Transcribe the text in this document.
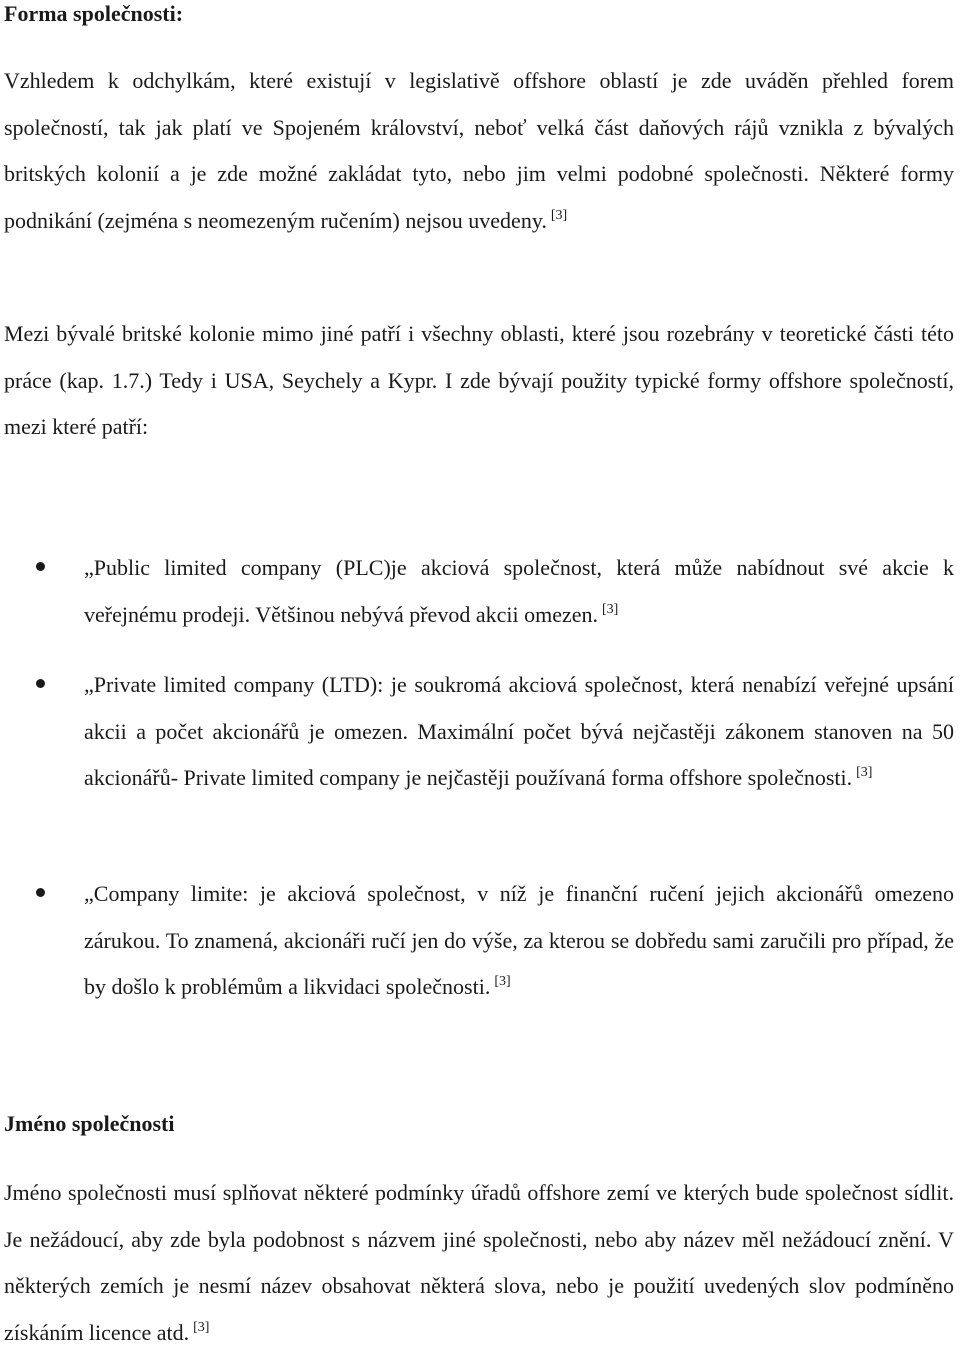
Forma společnosti:

Vzhledem k odchylkám, které existují v legislativě offshore oblastí je zde uváděn přehled forem společností, tak jak platí ve Spojeném království, neboť velká část daňových rájů vznikla z bývalých britských kolonií a je zde možné zakládat tyto, nebo jim velmi podobné společnosti. Některé formy podnikání (zejména s neomezeným ručením) nejsou uvedeny. [3]

Mezi bývalé britské kolonie mimo jiné patří i všechny oblasti, které jsou rozebrány v teoretické části této práce (kap. 1.7.) Tedy i USA, Seychely a Kypr. I zde bývají použity typické formy offshore společností, mezi které patří:

„Public limited company (PLC)je akciová společnost, která může nabídnout své akcie k veřejnému prodeji. Většinou nebývá převod akcii omezen. [3]

„Private limited company (LTD): je soukromá akciová společnost, která nenabízí veřejné upsání akcii a počet akcionářů je omezen. Maximální počet bývá nejčastěji zákonem stanoven na 50 akcionářů- Private limited company je nejčastěji používaná forma offshore společnosti. [3]

„Company limite: je akciová společnost, v níž je finanční ručení jejich akcionářů omezeno zárukou. To znamená, akcionáři ručí jen do výše, za kterou se dobředu sami zaručili pro případ, že by došlo k problémům a likvidaci společnosti. [3]

Jméno společnosti

Jméno společnosti musí splňovat některé podmínky úřadů offshore zemí ve kterých bude společnost sídlit. Je nežádoucí, aby zde byla podobnost s názvem jiné společnosti, nebo aby název měl nežádoucí znění. V některých zemích je nesmí název obsahovat některá slova, nebo je použití uvedených slov podmíněno získáním licence atd. [3]
